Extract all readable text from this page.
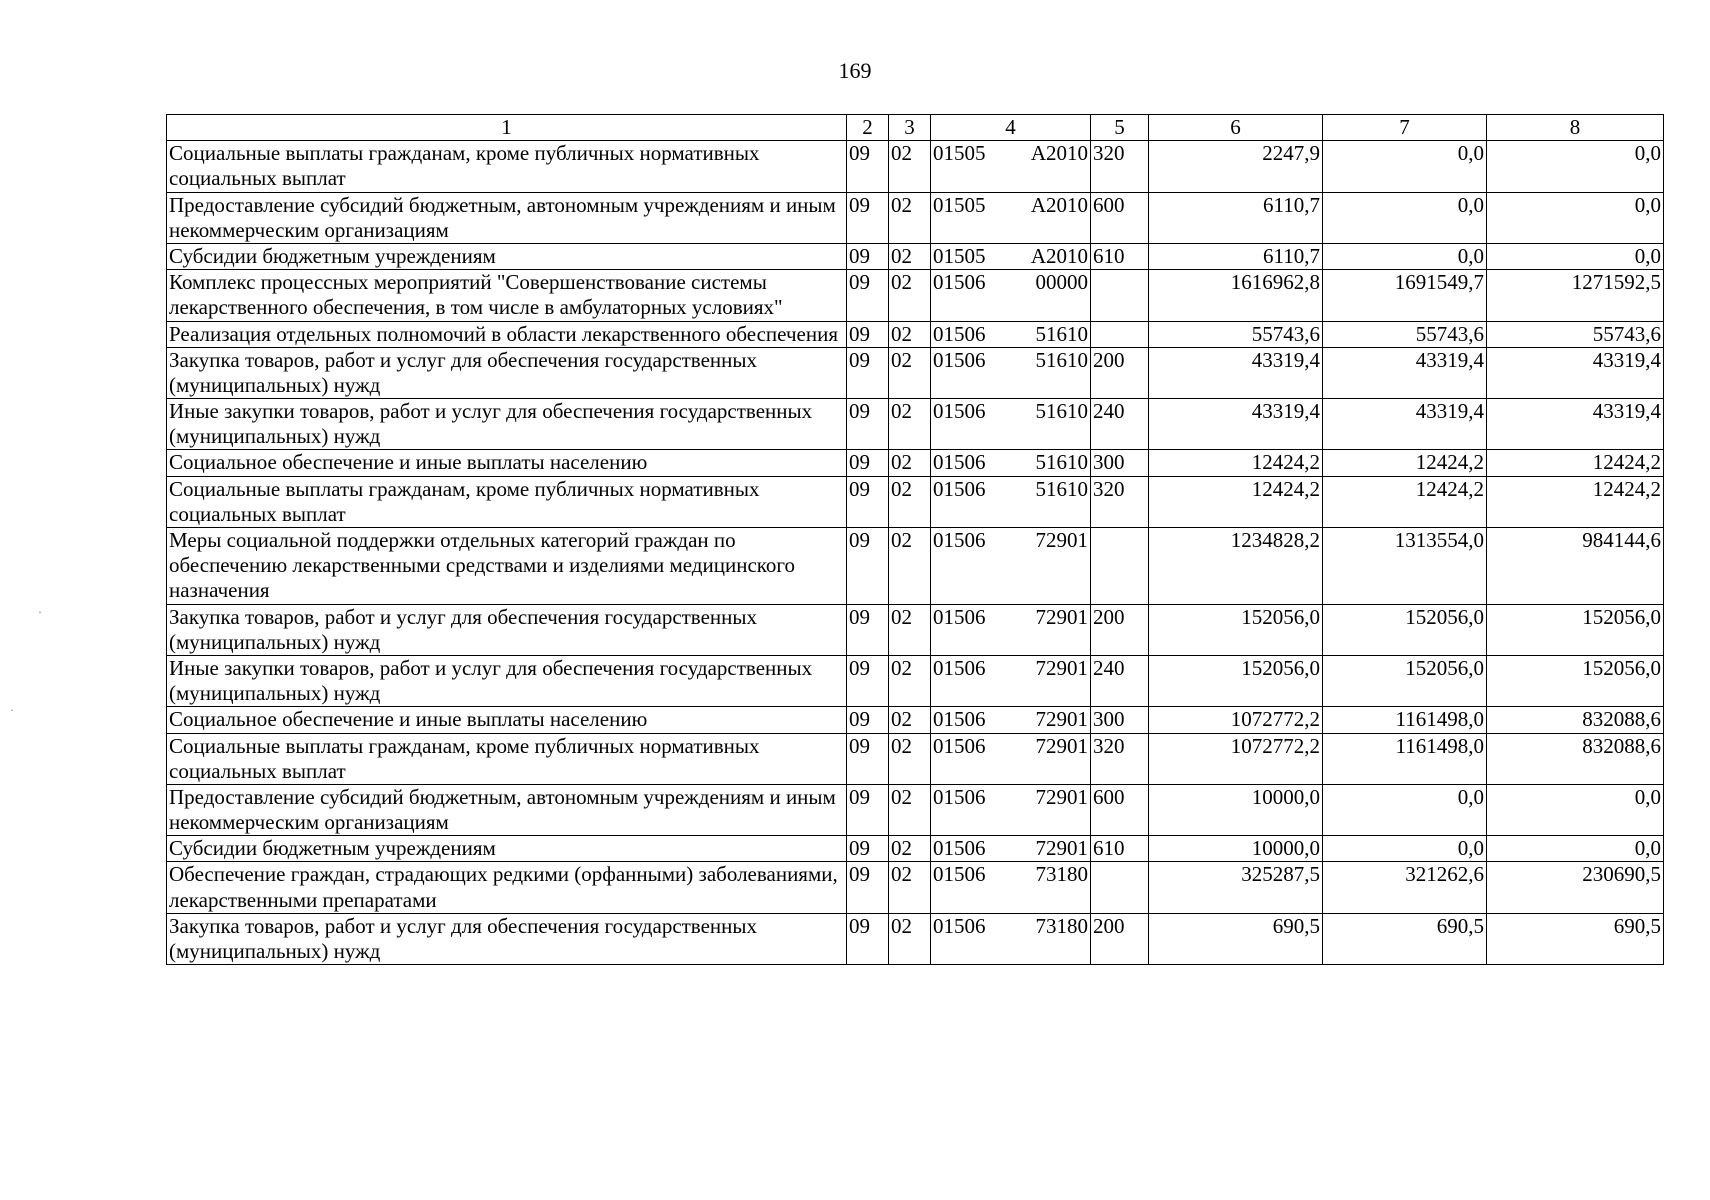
169
1	2	3	4	5	6	7	8
Социальные выплаты гражданам, кроме публичных нормативных социальных выплат	09	02	01505 А2010	320	2247,9	0,0	0,0
Предоставление субсидий бюджетным, автономным учреждениям и иным некоммерческим организациям	09	02	01505 А2010	600	6110,7	0,0	0,0
Субсидии бюджетным учреждениям	09	02	01505 А2010	610	6110,7	0,0	0,0
Комплекс процессных мероприятий "Совершенствование системы лекарственного обеспечения, в том числе в амбулаторных условиях"	09	02	01506 00000		1616962,8	1691549,7	1271592,5
Реализация отдельных полномочий в области лекарственного обеспечения	09	02	01506 51610		55743,6	55743,6	55743,6
Закупка товаров, работ и услуг для обеспечения государственных (муниципальных) нужд	09	02	01506 51610	200	43319,4	43319,4	43319,4
Иные закупки товаров, работ и услуг для обеспечения государственных (муниципальных) нужд	09	02	01506 51610	240	43319,4	43319,4	43319,4
Социальное обеспечение и иные выплаты населению	09	02	01506 51610	300	12424,2	12424,2	12424,2
Социальные выплаты гражданам, кроме публичных нормативных социальных выплат	09	02	01506 51610	320	12424,2	12424,2	12424,2
Меры социальной поддержки отдельных категорий граждан по обеспечению лекарственными средствами и изделиями медицинского назначения	09	02	01506 72901		1234828,2	1313554,0	984144,6
Закупка товаров, работ и услуг для обеспечения государственных (муниципальных) нужд	09	02	01506 72901	200	152056,0	152056,0	152056,0
Иные закупки товаров, работ и услуг для обеспечения государственных (муниципальных) нужд	09	02	01506 72901	240	152056,0	152056,0	152056,0
Социальное обеспечение и иные выплаты населению	09	02	01506 72901	300	1072772,2	1161498,0	832088,6
Социальные выплаты гражданам, кроме публичных нормативных социальных выплат	09	02	01506 72901	320	1072772,2	1161498,0	832088,6
Предоставление субсидий бюджетным, автономным учреждениям и иным некоммерческим организациям	09	02	01506 72901	600	10000,0	0,0	0,0
Субсидии бюджетным учреждениям	09	02	01506 72901	610	10000,0	0,0	0,0
Обеспечение граждан, страдающих редкими (орфанными) заболеваниями, лекарственными препаратами	09	02	01506 73180		325287,5	321262,6	230690,5
Закупка товаров, работ и услуг для обеспечения государственных (муниципальных) нужд	09	02	01506 73180	200	690,5	690,5	690,5
·
·
